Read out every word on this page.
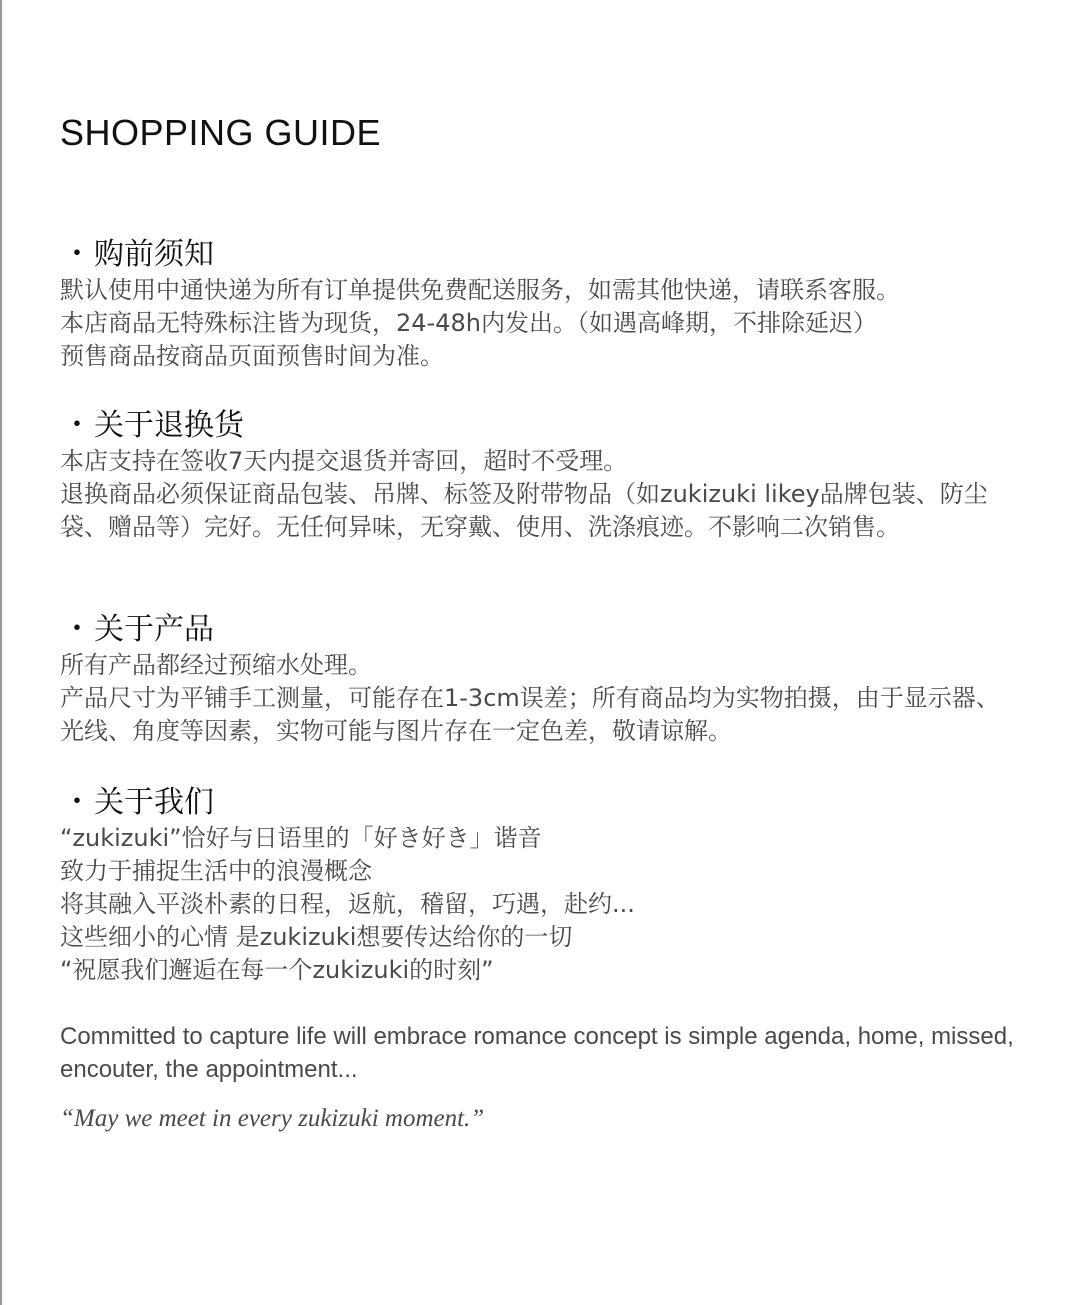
SHOPPING GUIDE
・购前须知

默认使用中通快递为所有订单提供免费配送服务，如需其他快递，请联系客服。

本店商品无特殊标注皆为现货，24-48h内发出。（如遇高峰期，不排除延迟）

预售商品按商品页面预售时间为准。

・关于退换货

本店支持在签收7天内提交退货并寄回，超时不受理。

退换商品必须保证商品包装、吊牌、标签及附带物品（如zukizuki likey品牌包装、防尘袋、赠品等）完好。无任何异味，无穿戴、使用、洗涤痕迹。不影响二次销售。

・关于产品

所有产品都经过预缩水处理。

产品尺寸为平铺手工测量，可能存在1-3cm误差；所有商品均为实物拍摄，由于显示器、光线、角度等因素，实物可能与图片存在一定色差，敬请谅解。

・关于我们

“zukizuki”恰好与日语里的「好き好き」谐音

致力于捕捉生活中的浪漫概念

将其融入平淡朴素的日程，返航，稽留，巧遇，赴约...

这些细小的心情 是zukizuki想要传达给你的一切

“祝愿我们邂逅在每一个zukizuki的时刻”

Committed to capture life will embrace romance concept is simple agenda, home, missed, encouter, the appointment...

“May we meet in every zukizuki moment.”
